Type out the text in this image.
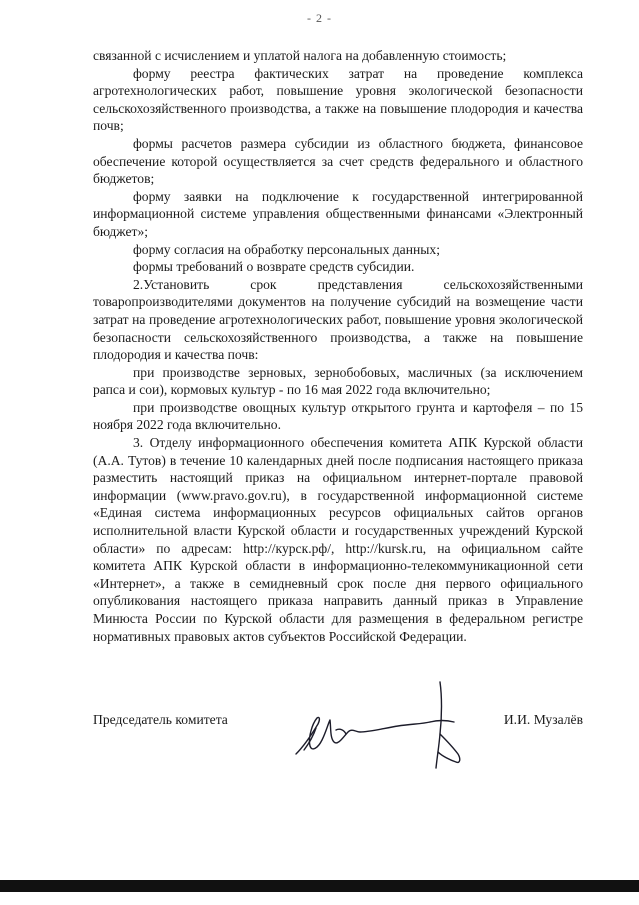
- 2 -

связанной с исчислением и уплатой налога на добавленную стоимость;

форму реестра фактических затрат на проведение комплекса агротехнологических работ, повышение уровня экологической безопасности сельскохозяйственного производства, а также на повышение плодородия и качества почв;

формы расчетов размера субсидии из областного бюджета, финансовое обеспечение которой осуществляется за счет средств федерального и областного бюджетов;

форму заявки на подключение к государственной интегрированной информационной системе управления общественными финансами «Электронный бюджет»;

форму согласия на обработку персональных данных;

формы требований о возврате средств субсидии.

2.Установить срок представления сельскохозяйственными товаропроизводителями документов на получение субсидий на возмещение части затрат на проведение агротехнологических работ, повышение уровня экологической безопасности сельскохозяйственного производства, а также на повышение плодородия и качества почв:

при производстве зерновых, зернобобовых, масличных (за исключением рапса и сои), кормовых культур - по 16 мая 2022 года включительно;

при производстве овощных культур открытого грунта и картофеля – по 15 ноября 2022 года включительно.

3. Отделу информационного обеспечения комитета АПК Курской области (А.А. Тутов) в течение 10 календарных дней после подписания настоящего приказа разместить настоящий приказ на официальном интернет-портале правовой информации (www.pravo.gov.ru), в государственной информационной системе «Единая система информационных ресурсов официальных сайтов органов исполнительной власти Курской области и государственных учреждений Курской области» по адресам: http://курск.рф/, http://kursk.ru, на официальном сайте комитета АПК Курской области в информационно-телекоммуникационной сети «Интернет», а также в семидневный срок после дня первого официального опубликования настоящего приказа направить данный приказ в Управление Минюста России по Курской области для размещения в федеральном регистре нормативных правовых актов субъектов Российской Федерации.

Председатель комитета	И.И. Музалёв
